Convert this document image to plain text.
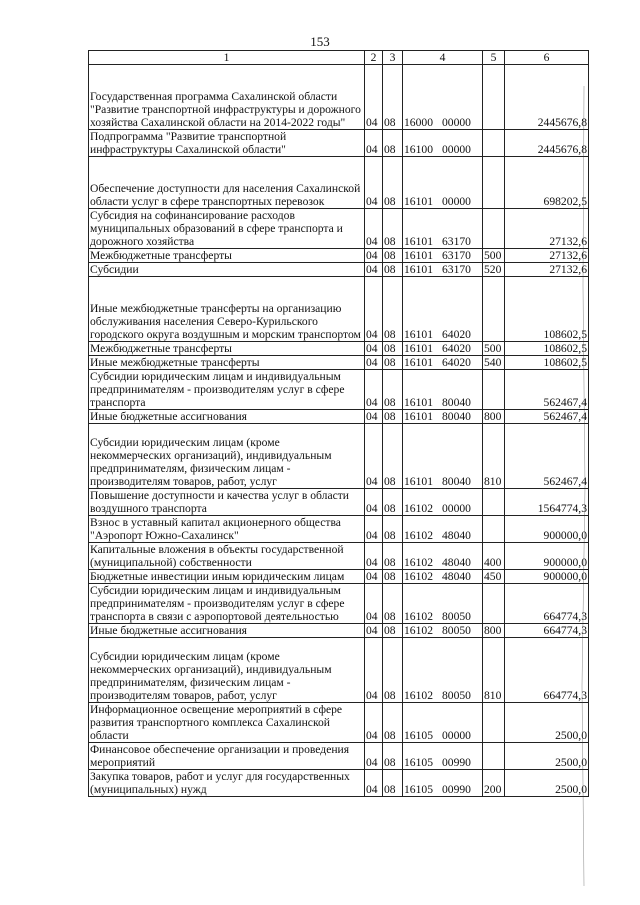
153
1	2	3	4	5	6
Государственная программа Сахалинской области "Развитие транспортной инфраструктуры и дорожного хозяйства Сахалинской области на 2014-2022 годы"	04	08	16000 00000		2445676,8
Подпрограмма "Развитие транспортной инфраструктуры Сахалинской области"	04	08	16100 00000		2445676,8
Обеспечение доступности для населения Сахалинской области услуг в сфере транспортных перевозок	04	08	16101 00000		698202,5
Субсидия на софинансирование расходов муниципальных образований в сфере транспорта и дорожного хозяйства	04	08	16101 63170		27132,6
Межбюджетные трансферты	04	08	16101 63170	500	27132,6
Субсидии	04	08	16101 63170	520	27132,6
Иные межбюджетные трансферты на организацию обслуживания населения Северо-Курильского городского округа воздушным и морским транспортом	04	08	16101 64020		108602,5
Межбюджетные трансферты	04	08	16101 64020	500	108602,5
Иные межбюджетные трансферты	04	08	16101 64020	540	108602,5
Субсидии юридическим лицам и индивидуальным предпринимателям - производителям услуг в сфере транспорта	04	08	16101 80040		562467,4
Иные бюджетные ассигнования	04	08	16101 80040	800	562467,4
Субсидии юридическим лицам (кроме некоммерческих организаций), индивидуальным предпринимателям, физическим лицам - производителям товаров, работ, услуг	04	08	16101 80040	810	562467,4
Повышение доступности и качества услуг в области воздушного транспорта	04	08	16102 00000		1564774,3
Взнос в уставный капитал акционерного общества "Аэропорт Южно-Сахалинск"	04	08	16102 48040		900000,0
Капитальные вложения в объекты государственной (муниципальной) собственности	04	08	16102 48040	400	900000,0
Бюджетные инвестиции иным юридическим лицам	04	08	16102 48040	450	900000,0
Субсидии юридическим лицам и индивидуальным предпринимателям - производителям услуг в сфере транспорта в связи с аэропортовой деятельностью	04	08	16102 80050		664774,3
Иные бюджетные ассигнования	04	08	16102 80050	800	664774,3
Субсидии юридическим лицам (кроме некоммерческих организаций), индивидуальным предпринимателям, физическим лицам - производителям товаров, работ, услуг	04	08	16102 80050	810	664774,3
Информационное освещение мероприятий в сфере развития транспортного комплекса Сахалинской области	04	08	16105 00000		2500,0
Финансовое обеспечение организации и проведения мероприятий	04	08	16105 00990		2500,0
Закупка товаров, работ и услуг для государственных (муниципальных) нужд	04	08	16105 00990	200	2500,0
